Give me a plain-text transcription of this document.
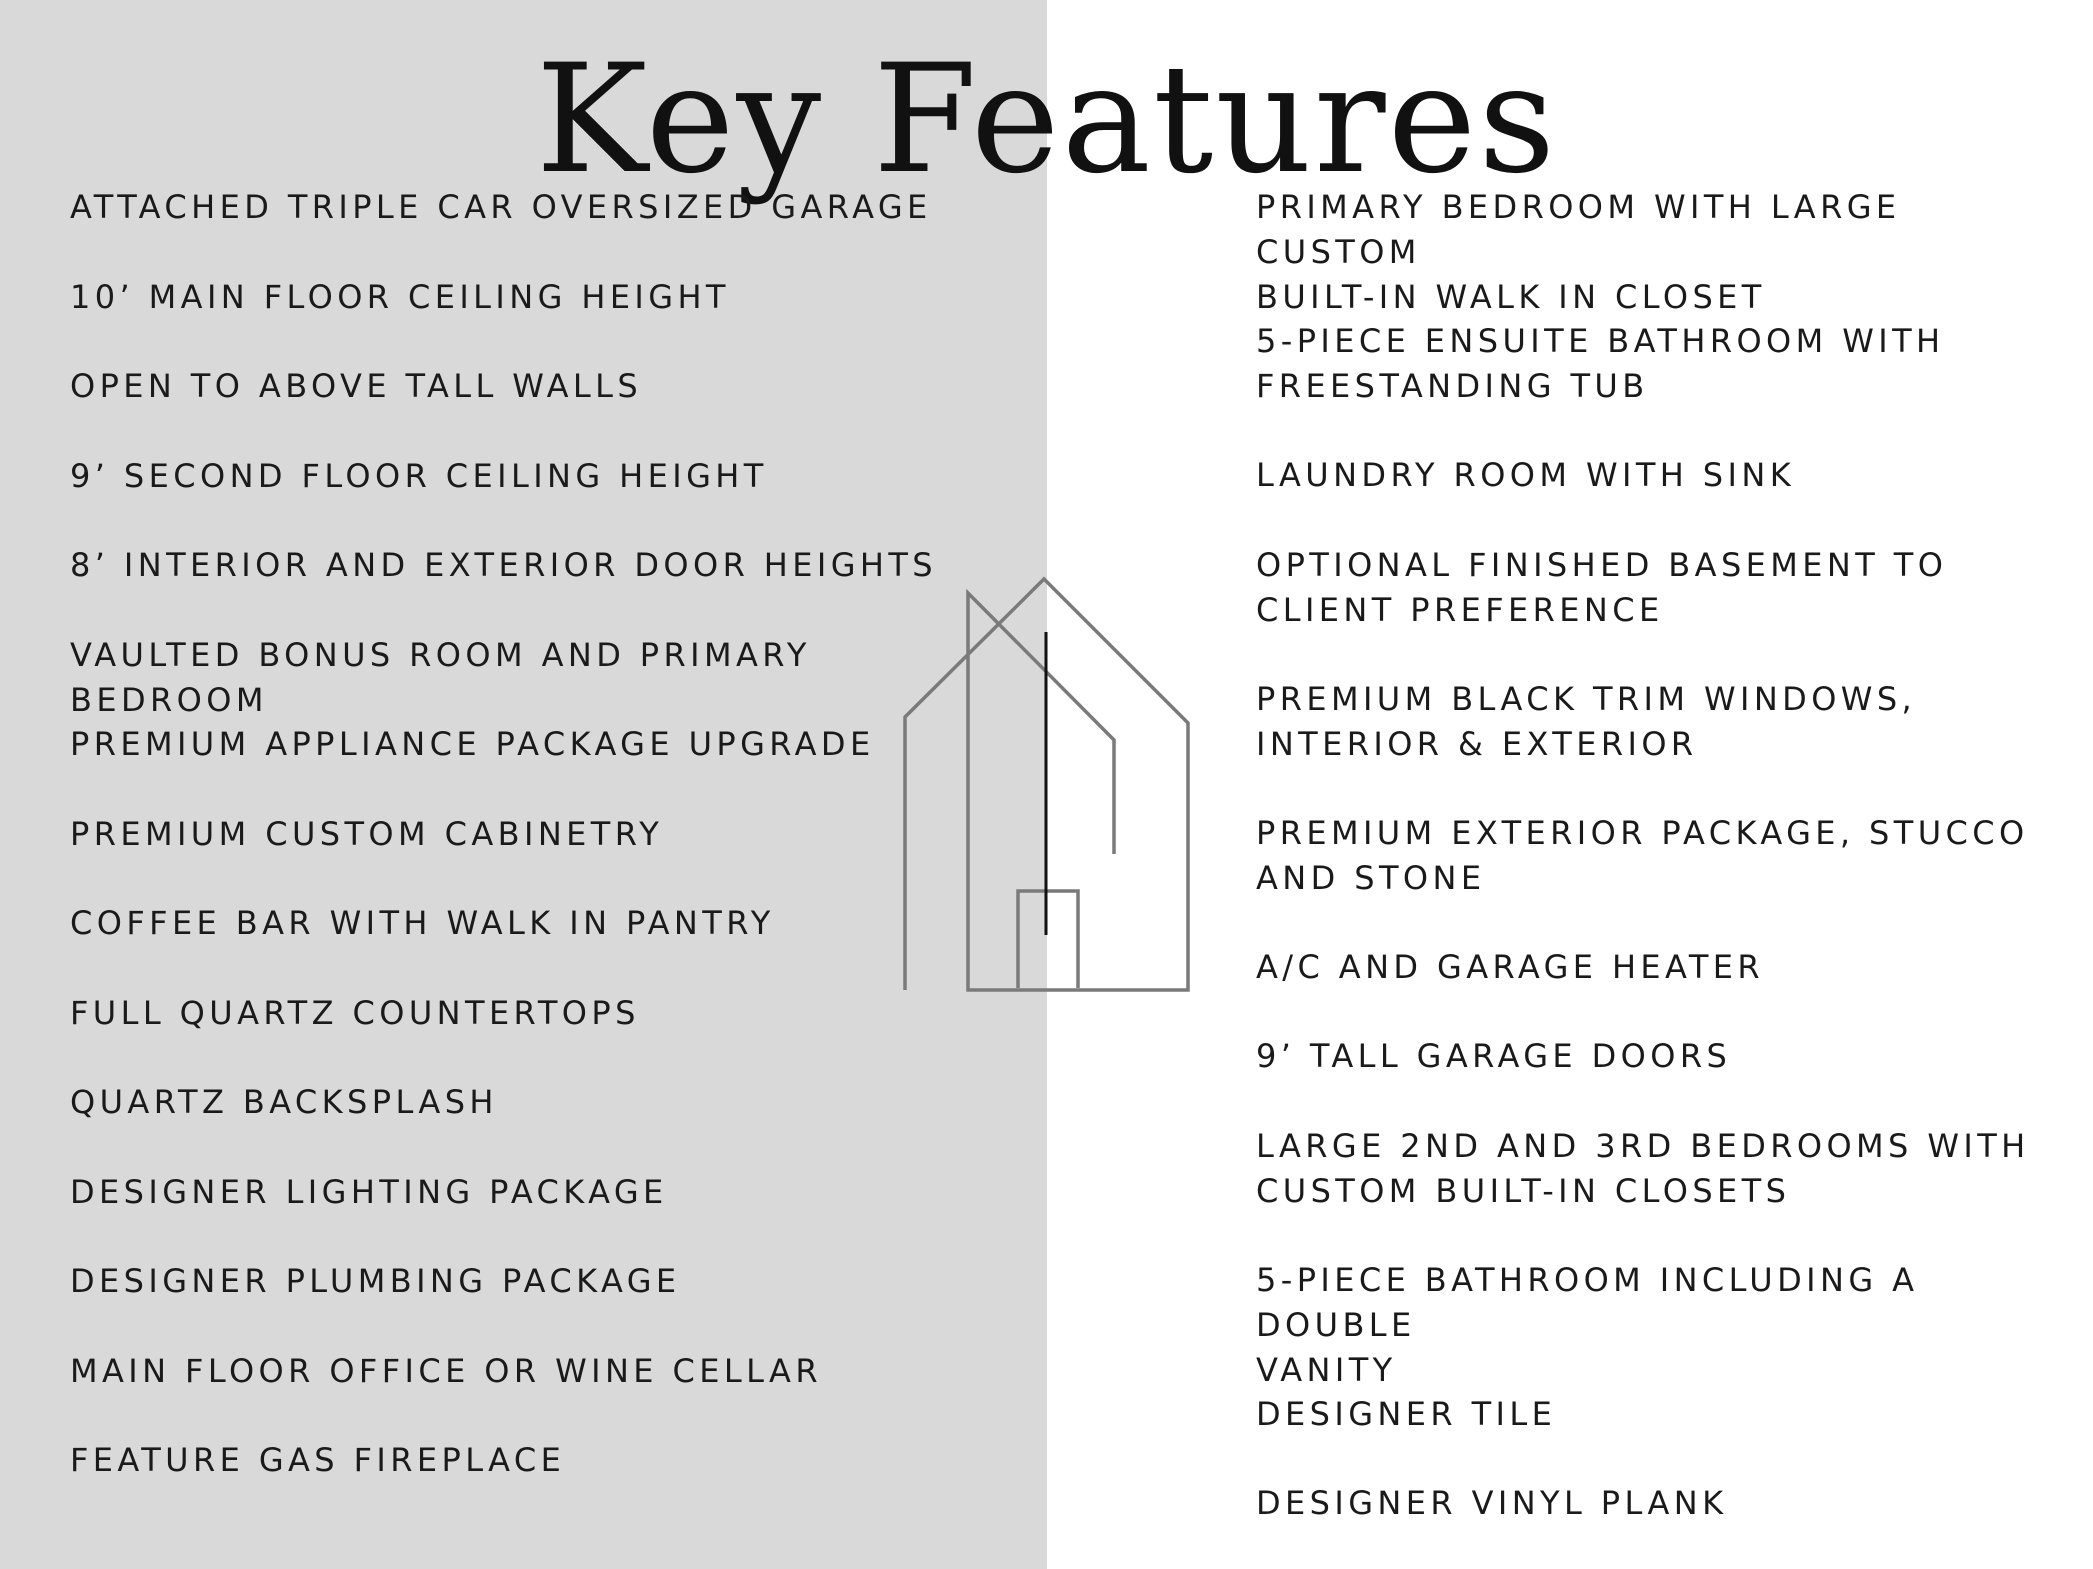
Key Features
ATTACHED TRIPLE CAR OVERSIZED GARAGE
10’ MAIN FLOOR CEILING HEIGHT
OPEN TO ABOVE TALL WALLS
9’ SECOND FLOOR CEILING HEIGHT
8’ INTERIOR AND EXTERIOR DOOR HEIGHTS
VAULTED BONUS ROOM AND PRIMARY
BEDROOM
PREMIUM APPLIANCE PACKAGE UPGRADE
PREMIUM CUSTOM CABINETRY
COFFEE BAR WITH WALK IN PANTRY
FULL QUARTZ COUNTERTOPS
QUARTZ BACKSPLASH
DESIGNER LIGHTING PACKAGE
DESIGNER PLUMBING PACKAGE
MAIN FLOOR OFFICE OR WINE CELLAR
FEATURE GAS FIREPLACE
PRIMARY BEDROOM WITH LARGE CUSTOM
BUILT-IN WALK IN CLOSET
5-PIECE ENSUITE BATHROOM WITH
FREESTANDING TUB
LAUNDRY ROOM WITH SINK
OPTIONAL FINISHED BASEMENT TO
CLIENT PREFERENCE
PREMIUM BLACK TRIM WINDOWS,
INTERIOR & EXTERIOR
PREMIUM EXTERIOR PACKAGE, STUCCO
AND STONE
A/C AND GARAGE HEATER
9’ TALL GARAGE DOORS
LARGE 2ND AND 3RD BEDROOMS WITH
CUSTOM BUILT-IN CLOSETS
5-PIECE BATHROOM INCLUDING A DOUBLE
VANITY
DESIGNER TILE
DESIGNER VINYL PLANK
